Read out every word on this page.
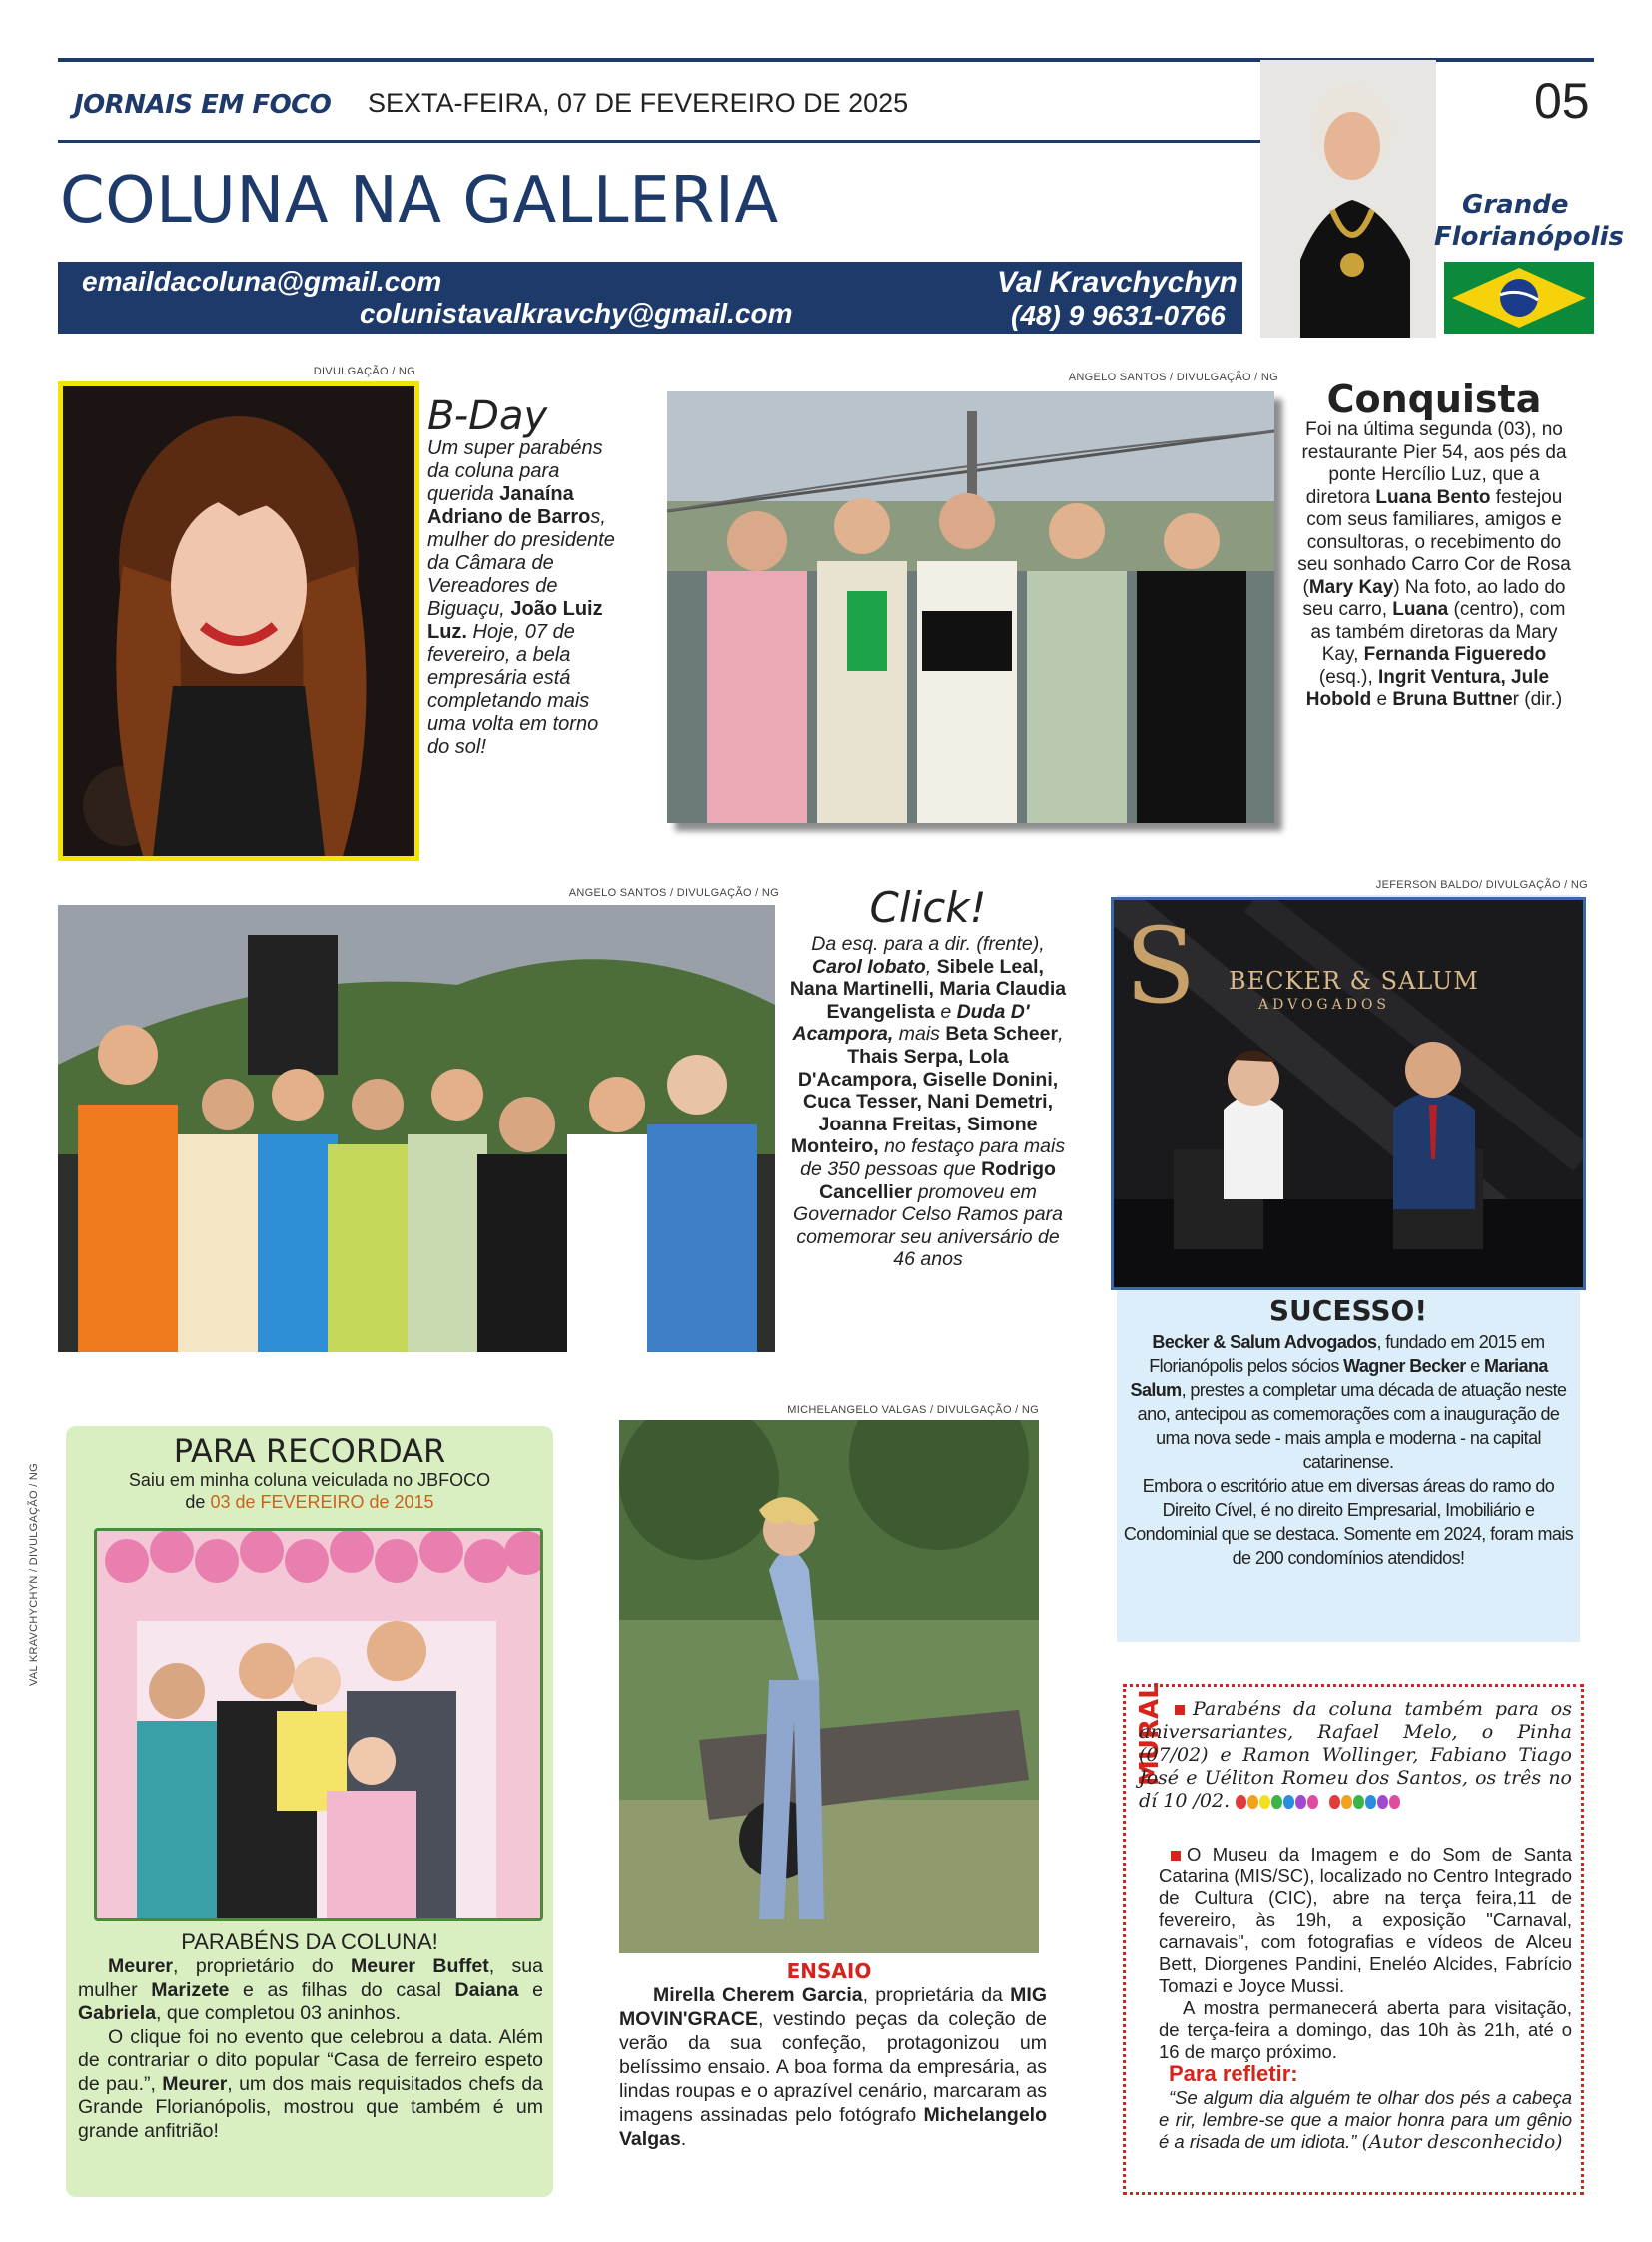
JORNAIS EM FOCO SEXTA-FEIRA, 07 DE FEVEREIRO DE 2025	05
COLUNA NA GALLERIA	Grande
Florianópolis
emaildacoluna@gmail.com
colunistavalkravchy@gmail.com
Val Kravchychyn
(48) 9 9631-0766
DIVULGAÇÃO / NG
B-Day
Um super parabéns da coluna para querida Janaína Adriano de Barros, mulher do presidente da Câmara de Vereadores de Biguaçu, João Luiz Luz. Hoje, 07 de fevereiro, a bela empresária está completando mais uma volta em torno do sol!
ANGELO SANTOS / DIVULGAÇÃO / NG	Conquista
Foi na última segunda (03), no restaurante Pier 54, aos pés da ponte Hercílio Luz, que a diretora Luana Bento festejou com seus familiares, amigos e consultoras, o recebimento do seu sonhado Carro Cor de Rosa (Mary Kay) Na foto, ao lado do seu carro, Luana (centro), com as também diretoras da Mary Kay, Fernanda Figueredo (esq.), Ingrit Ventura, Jule Hobold e Bruna Buttner (dir.)
ANGELO SANTOS / DIVULGAÇÃO / NG	Click!
Da esq. para a dir. (frente), Carol Iobato, Sibele Leal, Nana Martinelli, Maria Claudia Evangelista e Duda D' Acampora, mais Beta Scheer, Thais Serpa, Lola D'Acampora, Giselle Donini, Cuca Tesser, Nani Demetri, Joanna Freitas, Simone Monteiro, no festaço para mais de 350 pessoas que Rodrigo Cancellier promoveu em Governador Celso Ramos para comemorar seu aniversário de 46 anos
JEFERSON BALDO/ DIVULGAÇÃO / NG
S	BECKER & SALUM
ADVOGADOS
SUCESSO!

Becker & Salum Advogados, fundado em 2015 em Florianópolis pelos sócios Wagner Becker e Mariana Salum, prestes a completar uma década de atuação neste ano, antecipou as comemorações com a inauguração de uma nova sede - mais ampla e moderna - na capital catarinense.

Embora o escritório atue em diversas áreas do ramo do Direito Cível, é no direito Empresarial, Imobiliário e Condominial que se destaca. Somente em 2024, foram mais de 200 condomínios atendidos!

PARA RECORDAR
Saiu em minha coluna veiculada no JBFOCO
de 03 de FEVEREIRO de 2015
VAL KRAVCHYCHYN / DIVULGAÇÃO / NG
PARABÉNS DA COLUNA!

Meurer, proprietário do Meurer Buffet, sua mulher Marizete e as filhas do casal Daiana e Gabriela, que completou 03 aninhos.

O clique foi no evento que celebrou a data. Além de contrariar o dito popular “Casa de ferreiro espeto de pau.”, Meurer, um dos mais requisitados chefs da Grande Florianópolis, mostrou que também é um grande anfitrião!

MICHELANGELO VALGAS / DIVULGAÇÃO / NG
ENSAIO

Mirella Cherem Garcia, proprietária da MIG MOVIN'GRACE, vestindo peças da coleção de verão da sua confeção, protagonizou um belíssimo ensaio. A boa forma da empresária, as lindas roupas e o aprazível cenário, marcaram as imagens assinadas pelo fotógrafo Michelangelo Valgas.

MURAL	Parabéns da coluna também para os aniversariantes, Rafael Melo, o Pinha (07/02) e Ramon Wollinger, Fabiano Tiago José e Uéliton Romeu dos Santos, os três no dí 10 /02.

O Museu da Imagem e do Som de Santa Catarina (MIS/SC), localizado no Centro Integrado de Cultura (CIC), abre na terça feira,11 de fevereiro, às 19h, a exposição "Carnaval, carnavais", com fotografias e vídeos de Alceu Bett, Diorgenes Pandini, Eneléo Alcides, Fabrício Tomazi e Joyce Mussi.

A mostra permanecerá aberta para visitação, de terça-feira a domingo, das 10h às 21h, até o 16 de março próximo.

Para refletir:

“Se algum dia alguém te olhar dos pés a cabeça e rir, lembre-se que a maior honra para um gênio é a risada de um idiota.” (Autor desconhecido)
